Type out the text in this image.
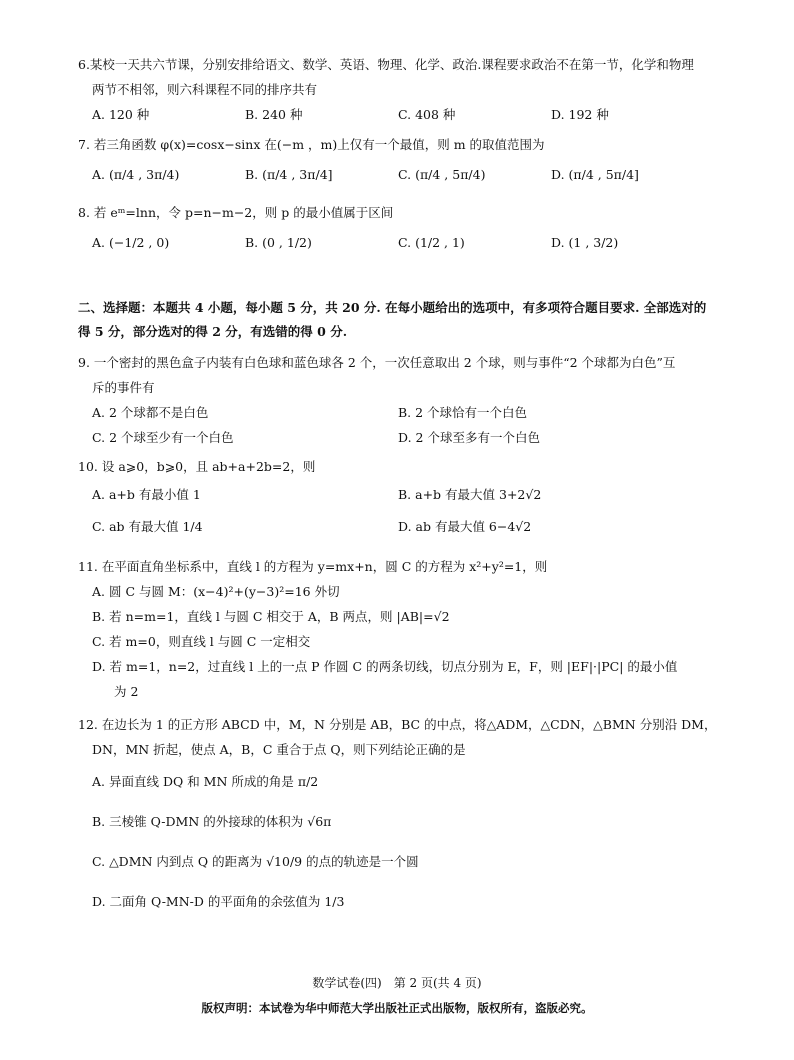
6.某校一天共六节课，分别安排给语文、数学、英语、物理、化学、政治.课程要求政治不在第一节，化学和物理
两节不相邻，则六科课程不同的排序共有
A. 120 种	B. 240 种	C. 408 种	D. 192 种
7. 若三角函数 φ(x)=cosx−sinx 在(−m ，m)上仅有一个最值，则 m 的取值范围为
A. (π/4 , 3π/4)	B. (π/4 , 3π/4]	C. (π/4 , 5π/4)	D. (π/4 , 5π/4]
8. 若 eᵐ=lnn，令 p=n−m−2，则 p 的最小值属于区间
A. (−1/2 , 0)	B. (0 , 1/2)	C. (1/2 , 1)	D. (1 , 3/2)
二、选择题：本题共 4 小题，每小题 5 分，共 20 分. 在每小题给出的选项中，有多项符合题目要求. 全部选对的
得 5 分，部分选对的得 2 分，有选错的得 0 分.
9. 一个密封的黑色盒子内装有白色球和蓝色球各 2 个，一次任意取出 2 个球，则与事件“2 个球都为白色”互
斥的事件有
A. 2 个球都不是白色	B. 2 个球恰有一个白色
C. 2 个球至少有一个白色	D. 2 个球至多有一个白色
10. 设 a⩾0，b⩾0，且 ab+a+2b=2，则
A. a+b 有最小值 1	B. a+b 有最大值 3+2√2
C. ab 有最大值 1/4	D. ab 有最大值 6−4√2
11. 在平面直角坐标系中，直线 l 的方程为 y=mx+n，圆 C 的方程为 x²+y²=1，则
A. 圆 C 与圆 M：(x−4)²+(y−3)²=16 外切
B. 若 n=m=1，直线 l 与圆 C 相交于 A，B 两点，则 |AB|=√2
C. 若 m=0，则直线 l 与圆 C 一定相交
D. 若 m=1，n=2，过直线 l 上的一点 P 作圆 C 的两条切线，切点分别为 E，F，则 |EF|·|PC| 的最小值
为 2
12. 在边长为 1 的正方形 ABCD 中，M，N 分别是 AB，BC 的中点，将△ADM，△CDN，△BMN 分别沿 DM，
DN，MN 折起，使点 A，B，C 重合于点 Q，则下列结论正确的是
A. 异面直线 DQ 和 MN 所成的角是 π/2
B. 三棱锥 Q-DMN 的外接球的体积为 √6π
C. △DMN 内到点 Q 的距离为 √10/9 的点的轨迹是一个圆
D. 二面角 Q-MN-D 的平面角的余弦值为 1/3
数学试卷(四)　第 2 页(共 4 页)
版权声明：本试卷为华中师范大学出版社正式出版物，版权所有，盗版必究。
